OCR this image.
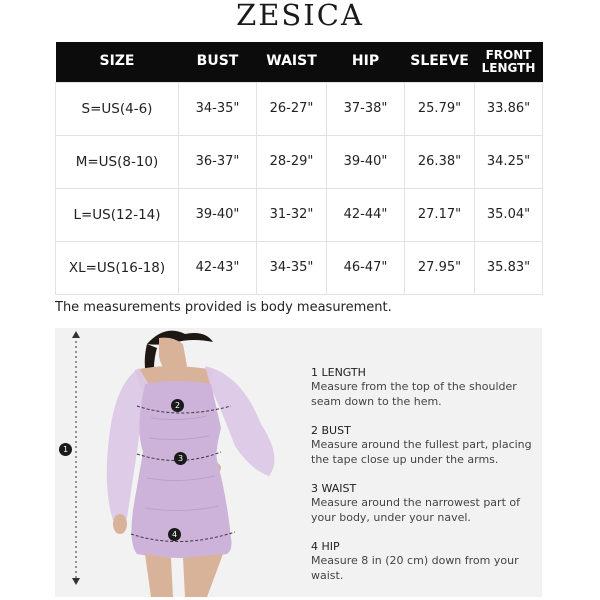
ZESICA
SIZE	BUST	WAIST	HIP	SLEEVE	FRONT LENGTH
S=US(4-6)	34-35"	26-27"	37-38"	25.79"	33.86"
M=US(8-10)	36-37"	28-29"	39-40"	26.38"	34.25"
L=US(12-14)	39-40"	31-32"	42-44"	27.17"	35.04"
XL=US(16-18)	42-43"	34-35"	46-47"	27.95"	35.83"
The measurements provided is body measurement.
1
2
3
4
1 LENGTH
Measure from the top of the shoulder seam down to the hem.
2 BUST
Measure around the fullest part, placing the tape close up under the arms.
3 WAIST
Measure around the narrowest part of your body, under your navel.
4 HIP
Measure 8 in (20 cm) down from your waist.
